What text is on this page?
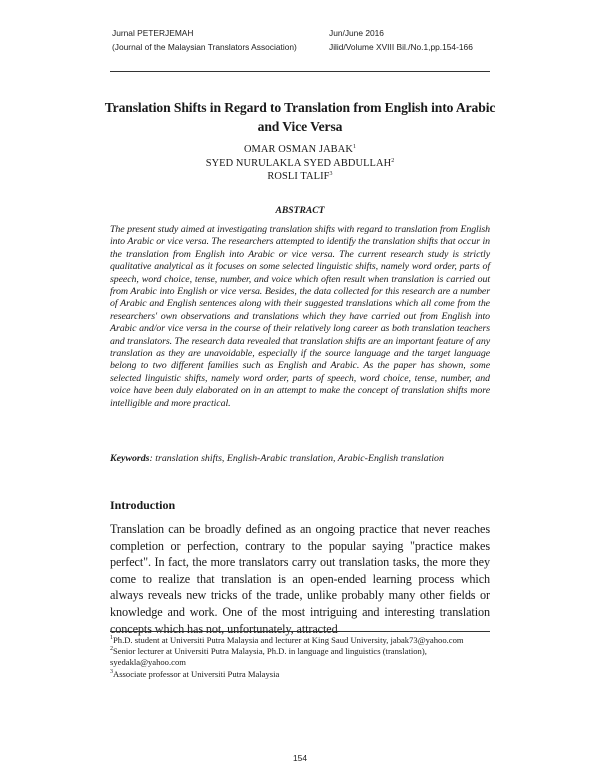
Jurnal PETERJEMAH	Jun/June 2016
(Journal of the Malaysian Translators Association)	Jilid/Volume XVIII Bil./No.1,pp.154-166
Translation Shifts in Regard to Translation from English into Arabic and Vice Versa
OMAR OSMAN JABAK$^1$
SYED NURULAKLA SYED ABDULLAH$^2$
ROSLI TALIF$^3$
ABSTRACT
The present study aimed at investigating translation shifts with regard to translation from English into Arabic or vice versa. The researchers attempted to identify the translation shifts that occur in the translation from English into Arabic or vice versa. The current research study is strictly qualitative analytical as it focuses on some selected linguistic shifts, namely word order, parts of speech, word choice, tense, number, and voice which often result when translation is carried out from Arabic into English or vice versa. Besides, the data collected for this research are a number of Arabic and English sentences along with their suggested translations which all come from the researchers' own observations and translations which they have carried out from English into Arabic and/or vice versa in the course of their relatively long career as both translation teachers and translators. The research data revealed that translation shifts are an important feature of any translation as they are unavoidable, especially if the source language and the target language belong to two different families such as English and Arabic. As the paper has shown, some selected linguistic shifts, namely word order, parts of speech, word choice, tense, number, and voice have been duly elaborated on in an attempt to make the concept of translation shifts more intelligible and more practical.
Keywords: translation shifts, English-Arabic translation, Arabic-English translation
Introduction
Translation can be broadly defined as an ongoing practice that never reaches completion or perfection, contrary to the popular saying "practice makes perfect". In fact, the more translators carry out translation tasks, the more they come to realize that translation is an open-ended learning process which always reveals new tricks of the trade, unlike probably many other fields or knowledge and work. One of the most intriguing and interesting translation concepts which has not, unfortunately, attracted

$^1$Ph.D. student at Universiti Putra Malaysia and lecturer at King Saud University, jabak73@yahoo.com

$^2$Senior lecturer at Universiti Putra Malaysia, Ph.D. in language and linguistics (translation), syedakla@yahoo.com

$^3$Associate professor at Universiti Putra Malaysia

154
